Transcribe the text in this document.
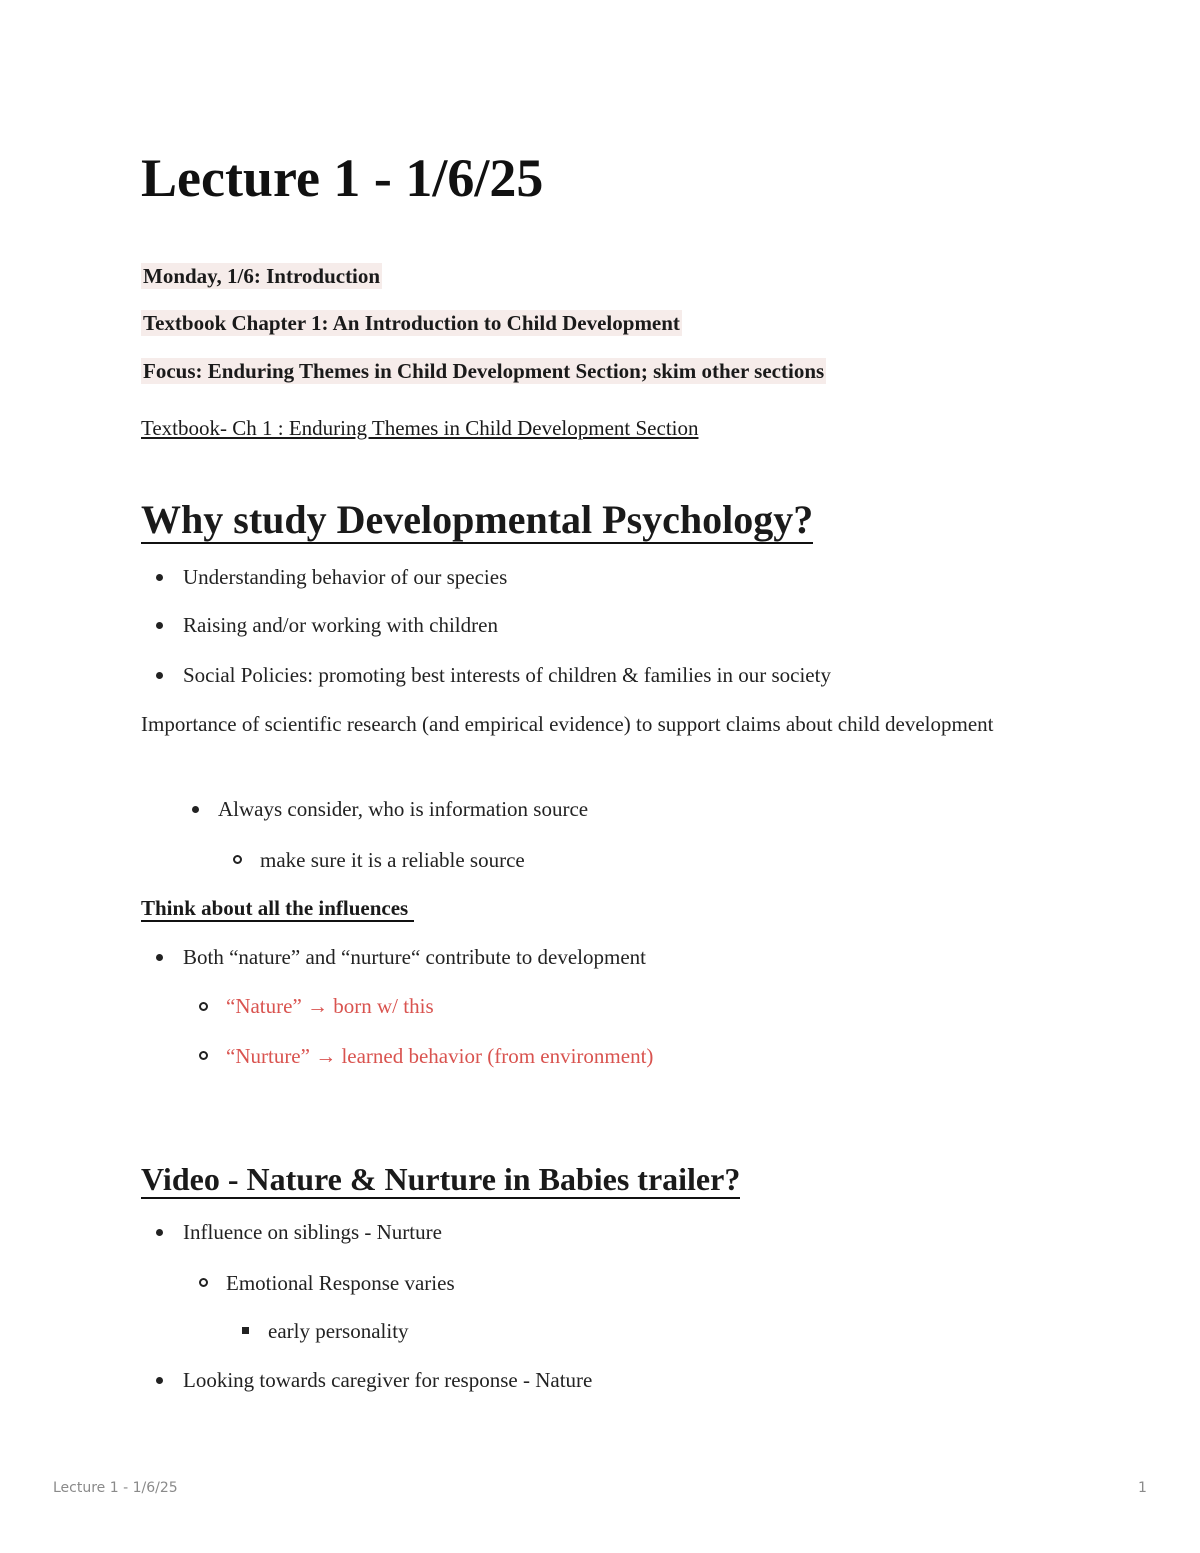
Lecture 1 - 1/6/25

Monday, 1/6: Introduction

Textbook Chapter 1: An Introduction to Child Development

Focus: Enduring Themes in Child Development Section; skim other sections

Textbook- Ch 1 : Enduring Themes in Child Development Section
Why study Developmental Psychology?

Understanding behavior of our species

Raising and/or working with children

Social Policies: promoting best interests of children & families in our society

Importance of scientific research (and empirical evidence) to support claims about child development

Always consider, who is information source

make sure it is a reliable source

Think about all the influences

Both “nature” and “nurture“ contribute to development

“Nature” → born w/ this

“Nurture” → learned behavior (from environment)

Video - Nature & Nurture in Babies trailer?

Influence on siblings - Nurture

Emotional Response varies

early personality

Looking towards caregiver for response - Nature

Lecture 1 - 1/6/25	1
